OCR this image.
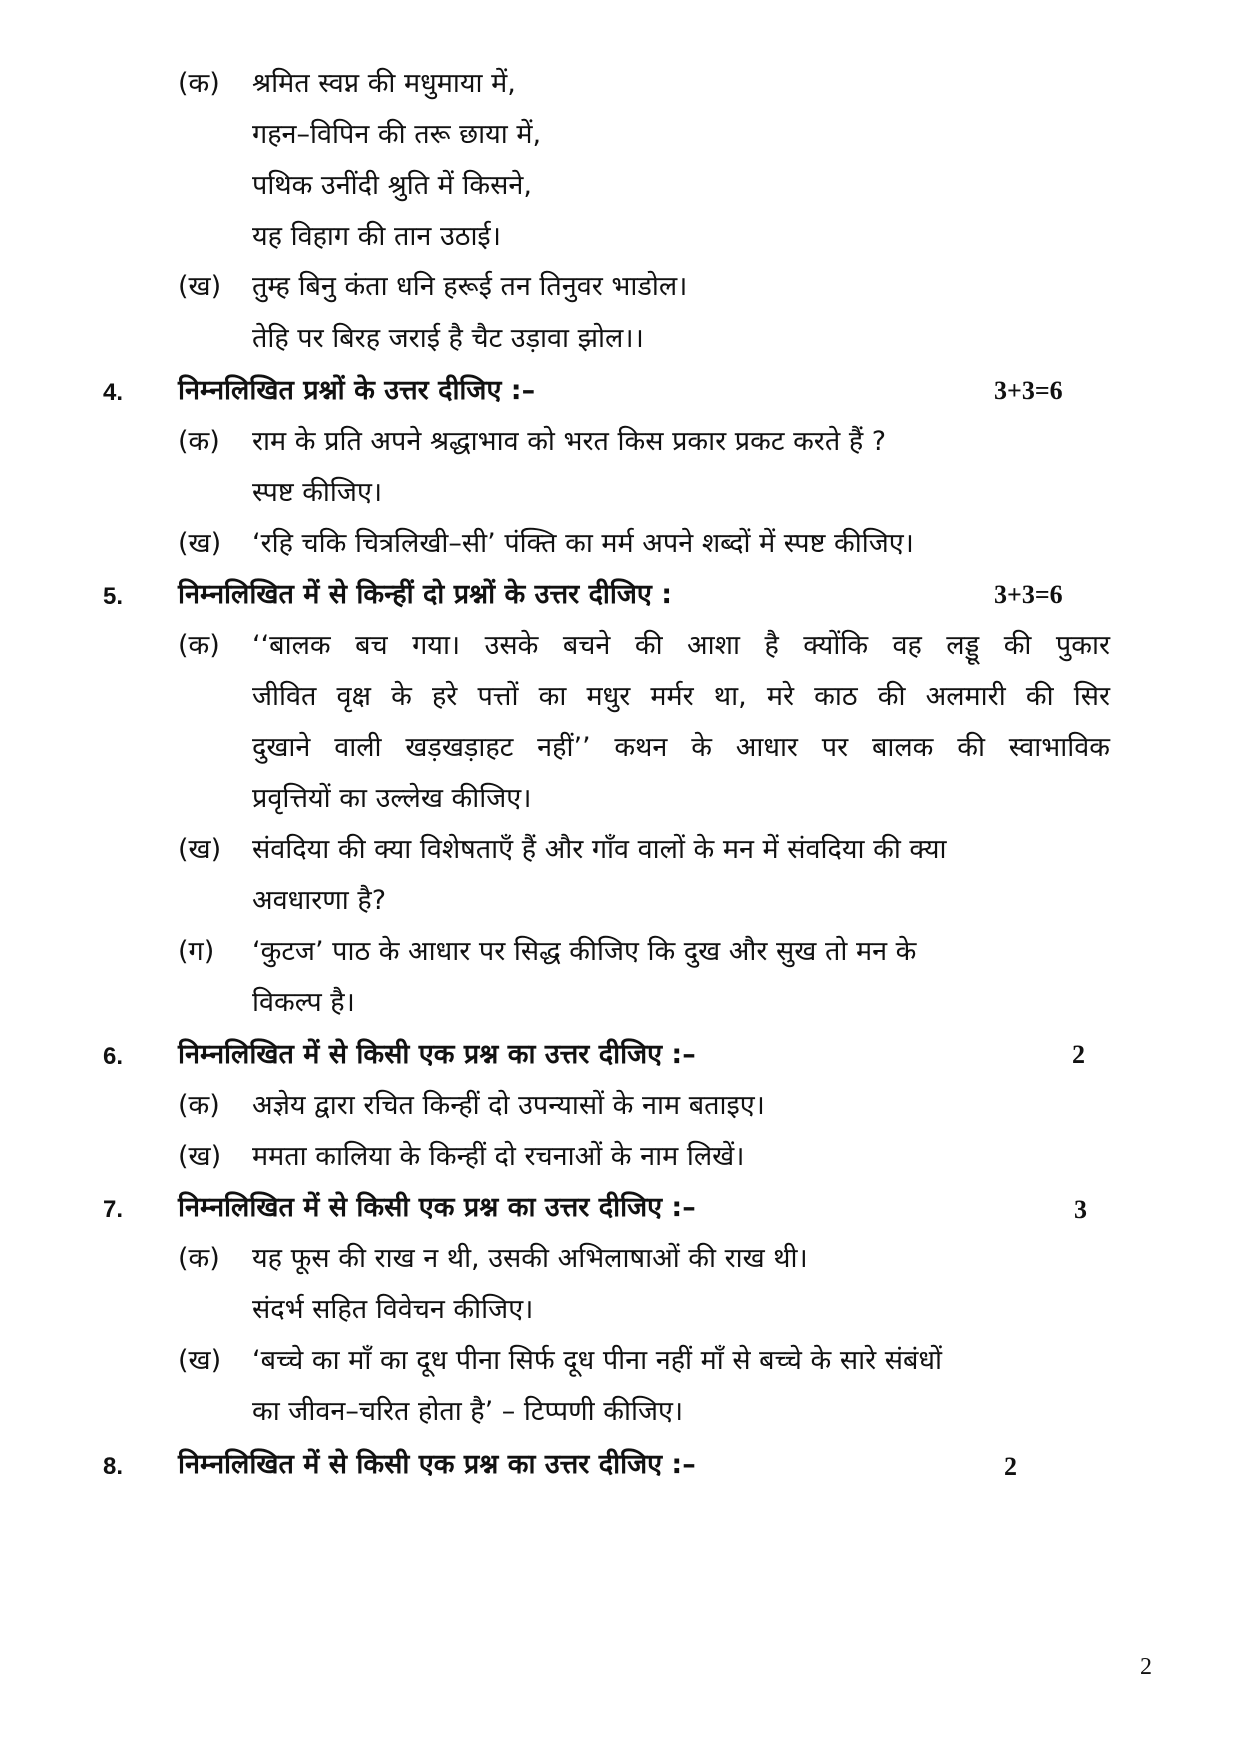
(क) श्रमित स्वप्न की मधुमाया में,
गहन–विपिन की तरू छाया में,
पथिक उनींदी श्रुति में किसने,
यह विहाग की तान उठाई।
(ख) तुम्ह बिनु कंता धनि हरूई तन तिनुवर भाडोल।
तेहि पर बिरह जराई है चैट उड़ावा झोल।।
4. निम्नलिखित प्रश्नों के उत्तर दीजिए :–	3+3=6
(क) राम के प्रति अपने श्रद्धाभाव को भरत किस प्रकार प्रकट करते हैं ?
स्पष्ट कीजिए।
(ख) ‘रहि चकि चित्रलिखी–सी’ पंक्ति का मर्म अपने शब्दों में स्पष्ट कीजिए।
5. निम्नलिखित में से किन्हीं दो प्रश्नों के उत्तर दीजिए :	3+3=6
(क) ‘‘बालक बच गया। उसके बचने की आशा है क्योंकि वह लड्डू की पुकार
जीवित वृक्ष के हरे पत्तों का मधुर मर्मर था, मरे काठ की अलमारी की सिर
दुखाने वाली खड़खड़ाहट नहीं’’ कथन के आधार पर बालक की स्वाभाविक
प्रवृत्तियों का उल्लेख कीजिए।
(ख) संवदिया की क्या विशेषताएँ हैं और गाँव वालों के मन में संवदिया की क्या
अवधारणा है?
(ग) ‘कुटज’ पाठ के आधार पर सिद्ध कीजिए कि दुख और सुख तो मन के
विकल्प है।
6. निम्नलिखित में से किसी एक प्रश्न का उत्तर दीजिए :–	2
(क) अज्ञेय द्वारा रचित किन्हीं दो उपन्यासों के नाम बताइए।
(ख) ममता कालिया के किन्हीं दो रचनाओं के नाम लिखें।
7. निम्नलिखित में से किसी एक प्रश्न का उत्तर दीजिए :–	3
(क) यह फूस की राख न थी, उसकी अभिलाषाओं की राख थी।
संदर्भ सहित विवेचन कीजिए।
(ख) ‘बच्चे का माँ का दूध पीना सिर्फ दूध पीना नहीं माँ से बच्चे के सारे संबंधों
का जीवन–चरित होता है’ – टिप्पणी कीजिए।
8. निम्नलिखित में से किसी एक प्रश्न का उत्तर दीजिए :–	2
2
